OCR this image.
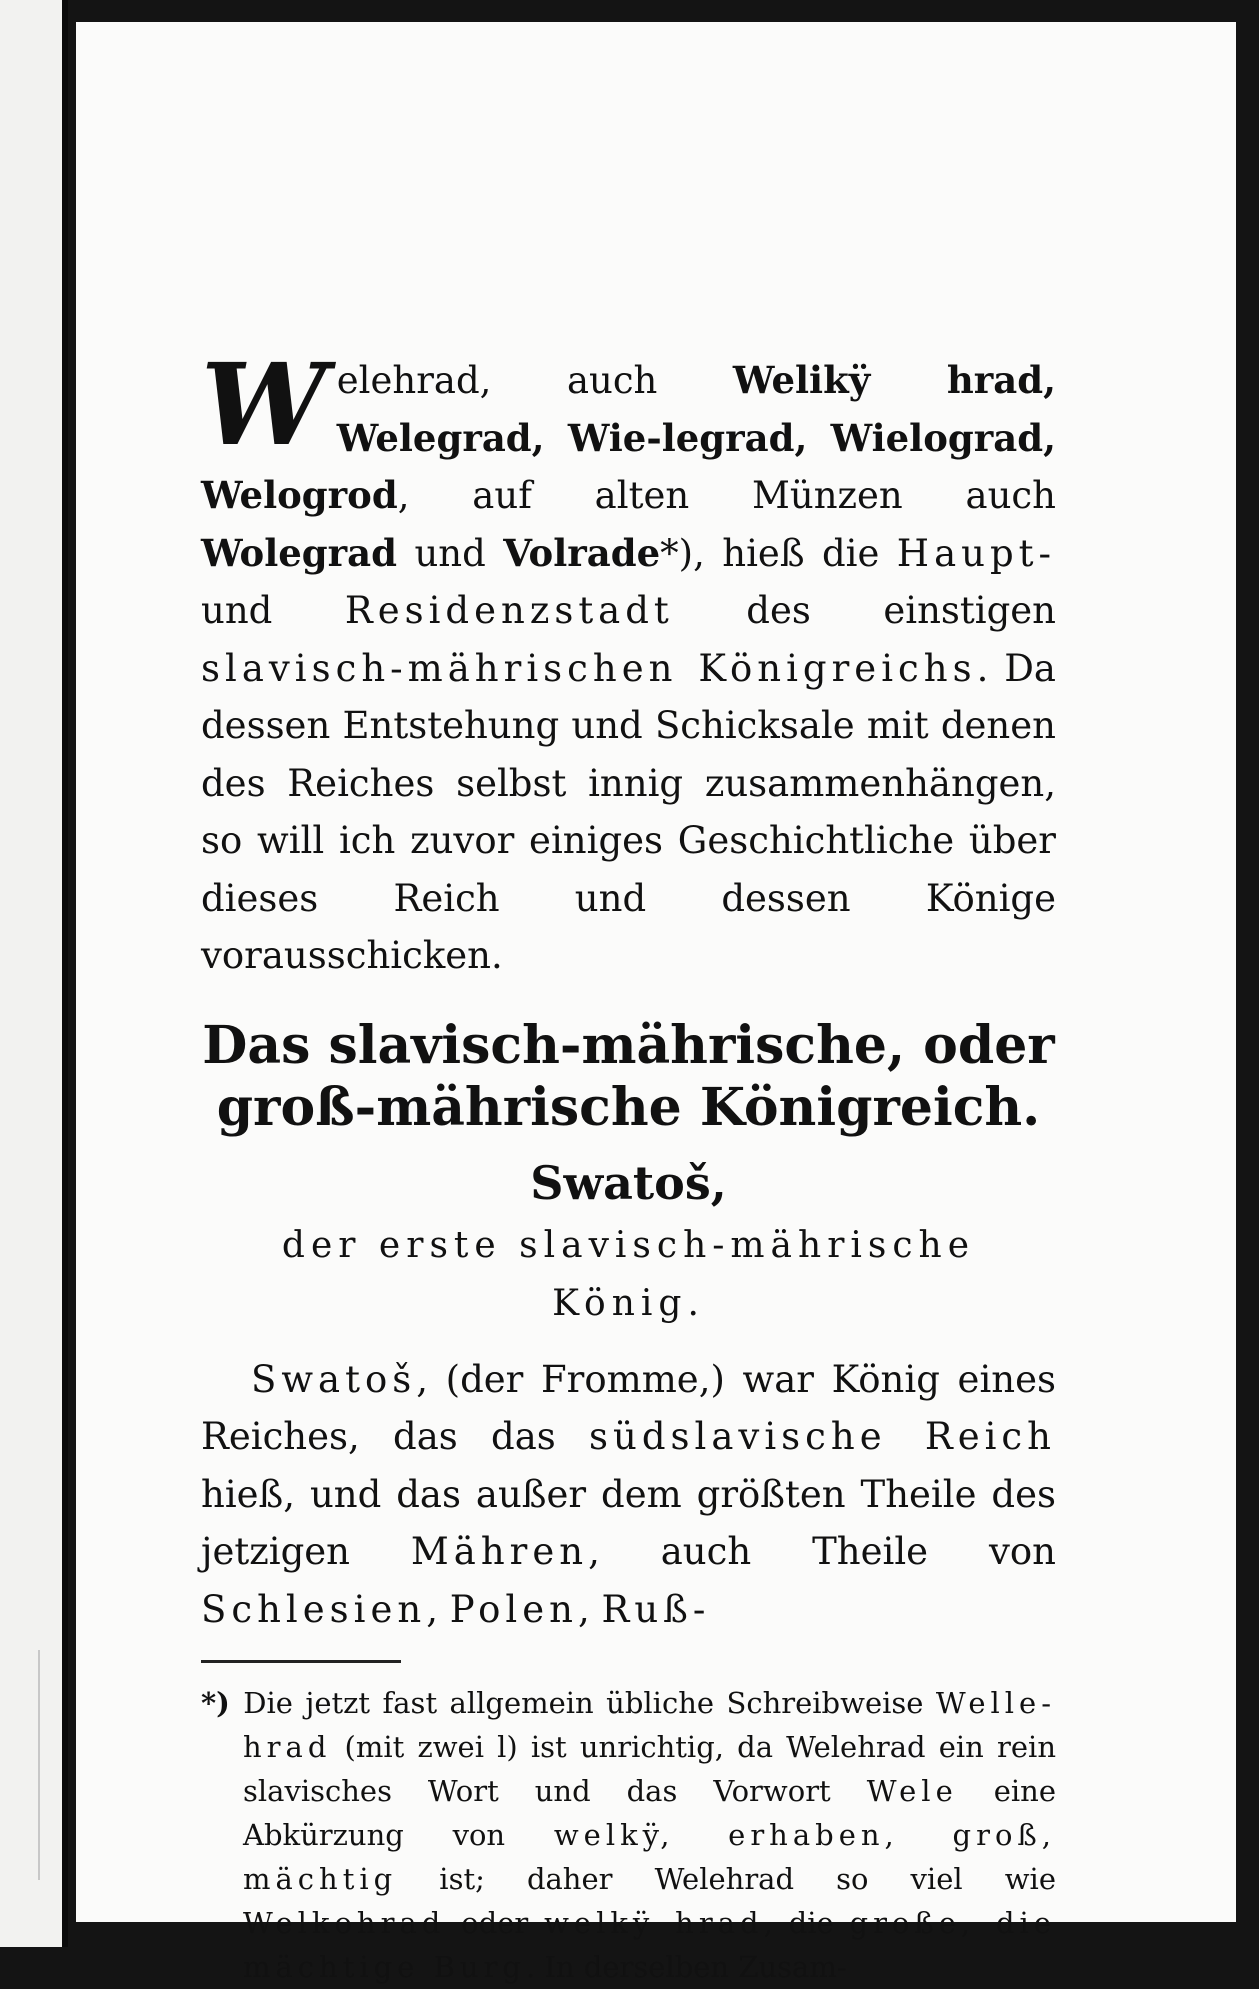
Welehrad, auch Welikÿ hrad, Welegrad, Wie-legrad, Wielograd, Welogrod, auf alten Münzen auch Wolegrad und Volrade*), hieß die Haupt- und Residenzstadt des einstigen slavisch-mährischen Königreichs. Da dessen Entstehung und Schicksale mit denen des Reiches selbst innig zusammenhängen, so will ich zuvor einiges Geschichtliche über dieses Reich und dessen Könige vorausschicken.

Das slavisch-mährische, oder groß-mährische Königreich.
Swatoš,

der erste slavisch-mährische König.

Swatoš, (der Fromme,) war König eines Reiches, das das südslavische Reich hieß, und das außer dem größten Theile des jetzigen Mähren, auch Theile von Schlesien, Polen, Ruß-

*) Die jetzt fast allgemein übliche Schreibweise Welle-hrad (mit zwei l) ist unrichtig, da Welehrad ein rein slavisches Wort und das Vorwort Wele eine Abkürzung von welkÿ, erhaben, groß, mächtig ist; daher Welehrad so viel wie Welkohrad oder welkÿ hrad, die große, die mächtige Burg. In derselben Zusam-
